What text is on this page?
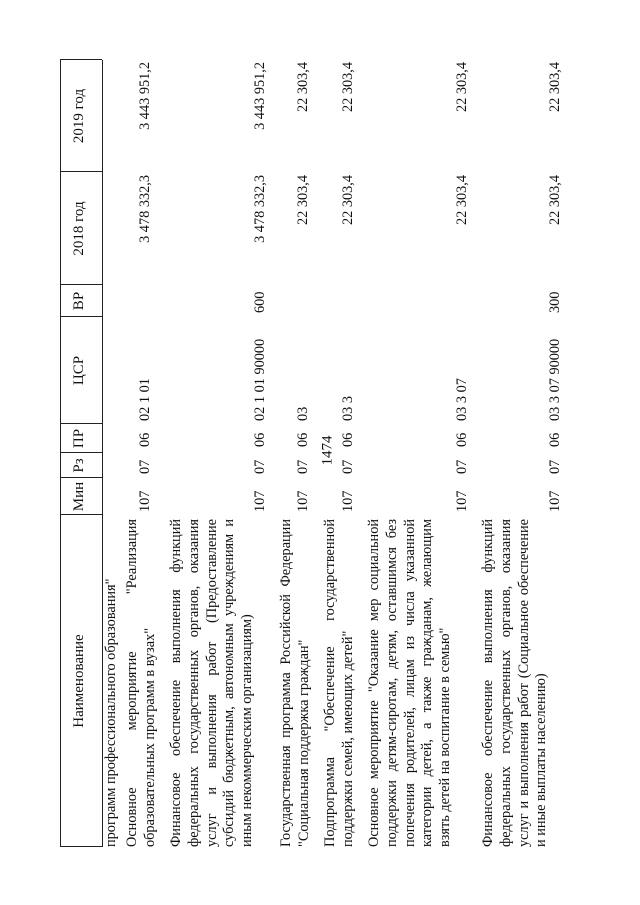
1474
Наименование
Мин
Рз
ПР
ЦСР
ВР
2018 год
2019 год
программ профессионального образования" Основное мероприятие "Реализация образовательных программ в вузах"
107
07
06
02 1 01
3 478 332,3
3 443 951,2
Финансовое обеспечение выполнения функций федеральных государственных органов, оказания услуг и выполнения работ (Предоставление субсидий бюджетным, автономным учреждениям и иным некоммерческим организациям)
107
07
06
02 1 01 90000
600
3 478 332,3
3 443 951,2
Государственная программа Российской Федерации "Социальная поддержка граждан"
107
07
06
03
22 303,4
22 303,4
Подпрограмма "Обеспечение государственной поддержки семей, имеющих детей"
107
07
06
03 3
22 303,4
22 303,4
Основное мероприятие "Оказание мер социальной поддержки детям-сиротам, детям, оставшимся без попечения родителей, лицам из числа указанной категории детей, а также гражданам, желающим взять детей на воспитание в семью"
107
07
06
03 3 07
22 303,4
22 303,4
Финансовое обеспечение выполнения функций федеральных государственных органов, оказания услуг и выполнения работ (Социальное обеспечение и иные выплаты населению)
107
07
06
03 3 07 90000
300
22 303,4
22 303,4
